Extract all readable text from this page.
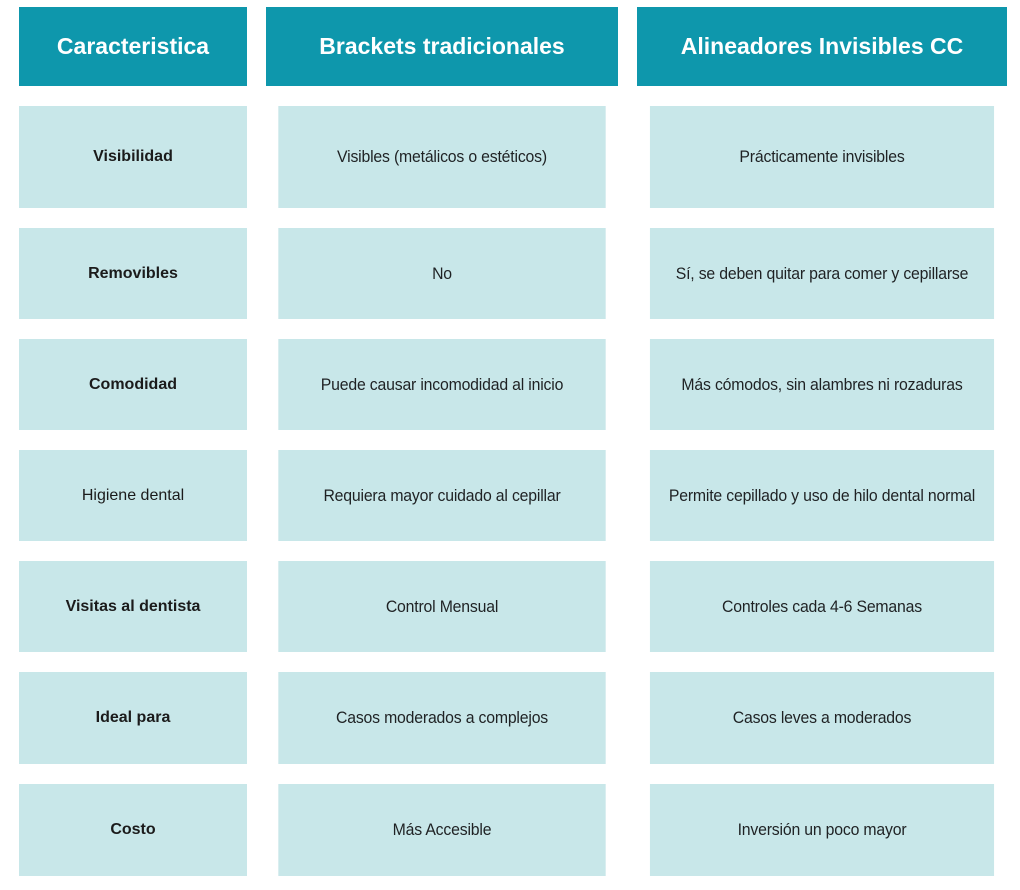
Caracteristica	Brackets tradicionales	Alineadores Invisibles CC
Visibilidad	Visibles (metálicos o estéticos)	Prácticamente invisibles
Removibles	No	Sí, se deben quitar para comer y cepillarse
Comodidad	Puede causar incomodidad al inicio	Más cómodos, sin alambres ni rozaduras
Higiene dental	Requiera mayor cuidado al cepillar	Permite cepillado y uso de hilo dental normal
Visitas al dentista	Control Mensual	Controles cada 4-6 Semanas
Ideal para	Casos moderados a complejos	Casos leves a moderados
Costo	Más Accesible	Inversión un poco mayor
